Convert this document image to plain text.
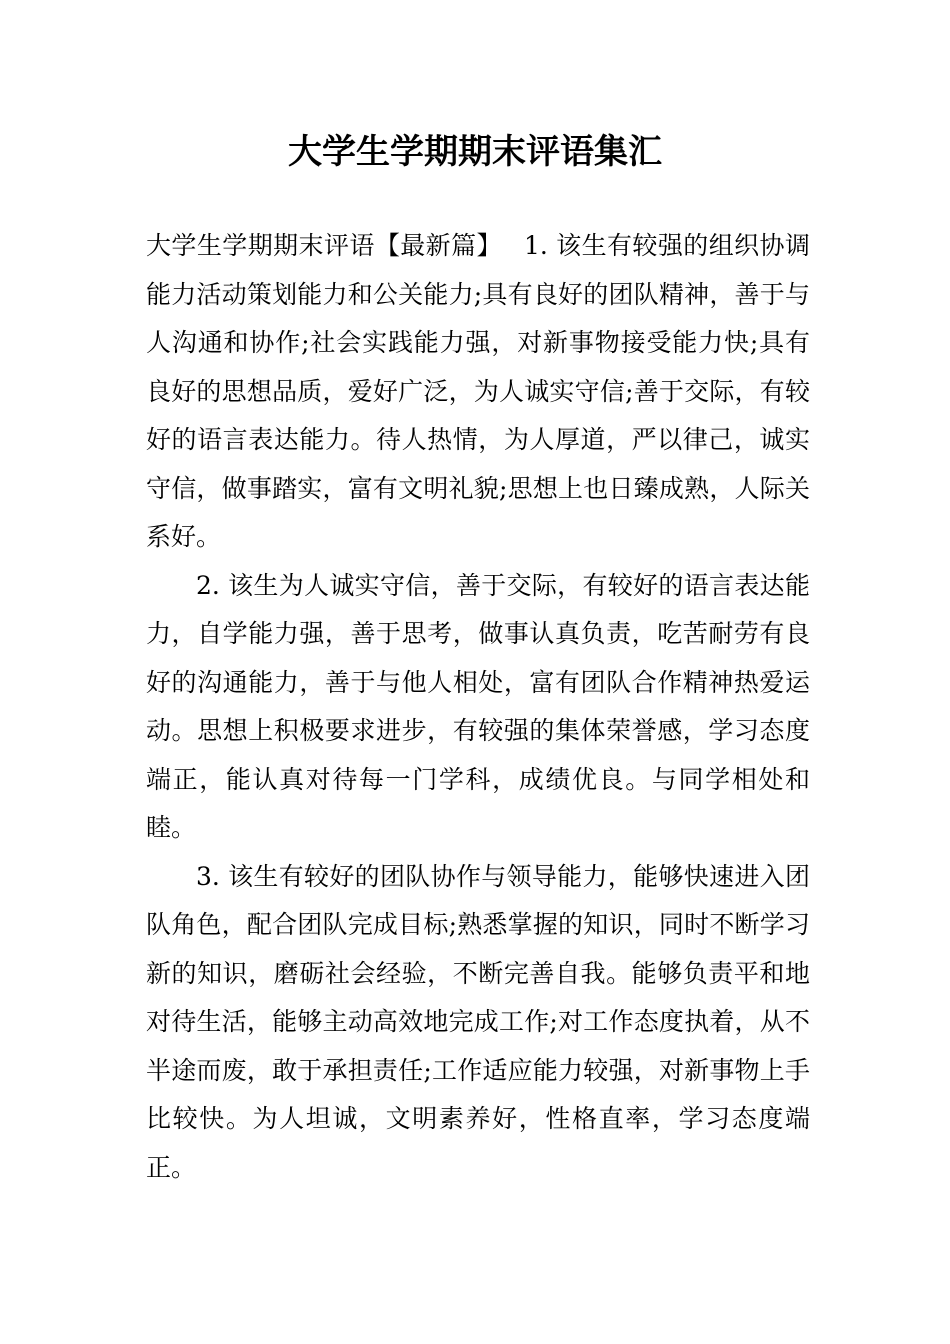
大学生学期期末评语集汇

大学生学期期末评语【最新篇】 1. 该生有较强的组织协调能力活动策划能力和公关能力;具有良好的团队精神，善于与人沟通和协作;社会实践能力强，对新事物接受能力快;具有良好的思想品质，爱好广泛，为人诚实守信;善于交际，有较好的语言表达能力。待人热情，为人厚道，严以律己，诚实守信，做事踏实，富有文明礼貌;思想上也日臻成熟，人际关系好。

2. 该生为人诚实守信，善于交际，有较好的语言表达能力，自学能力强，善于思考，做事认真负责，吃苦耐劳有良好的沟通能力，善于与他人相处，富有团队合作精神热爱运动。思想上积极要求进步，有较强的集体荣誉感，学习态度端正，能认真对待每一门学科，成绩优良。与同学相处和睦。

3. 该生有较好的团队协作与领导能力，能够快速进入团队角色，配合团队完成目标;熟悉掌握的知识，同时不断学习新的知识，磨砺社会经验，不断完善自我。能够负责平和地对待生活，能够主动高效地完成工作;对工作态度执着，从不半途而废，敢于承担责任;工作适应能力较强，对新事物上手比较快。为人坦诚，文明素养好，性格直率，学习态度端正。
